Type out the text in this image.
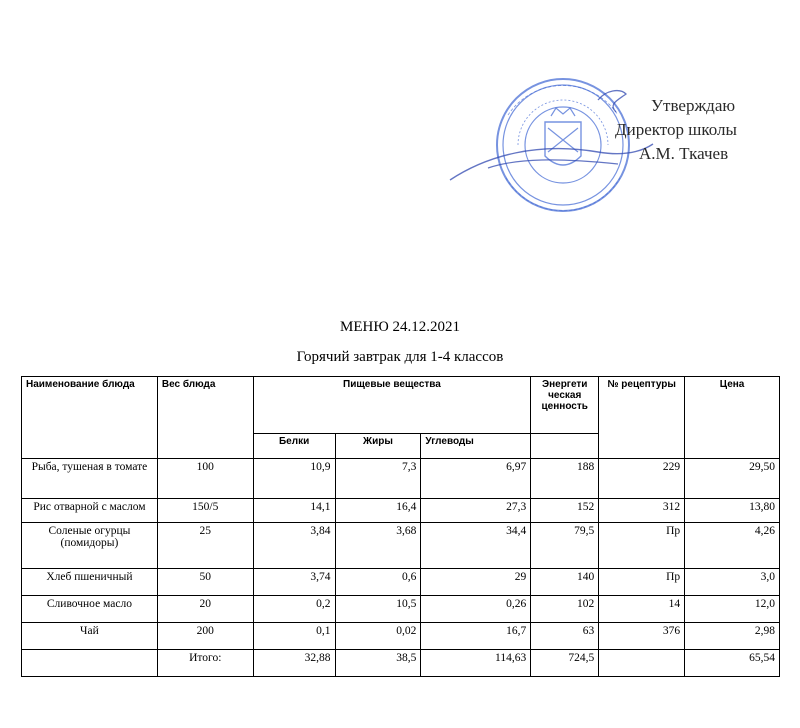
Утверждаю
Директор школы
А.М. Ткачев
МЕНЮ 24.12.2021
Горячий завтрак для 1-4 классов
Наименование блюда	Вес блюда	Пищевые вещества			Энергети ческая ценность	№ рецептуры	Цена
		Белки	Жиры	Углеводы			
Рыба, тушеная в томате	100	10,9	7,3	6,97	188	229	29,50
Рис отварной с маслом	150/5	14,1	16,4	27,3	152	312	13,80
Соленые огурцы (помидоры)	25	3,84	3,68	34,4	79,5	Пр	4,26
Хлеб пшеничный	50	3,74	0,6	29	140	Пр	3,0
Сливочное масло	20	0,2	10,5	0,26	102	14	12,0
Чай	200	0,1	0,02	16,7	63	376	2,98
	Итого:	32,88	38,5	114,63	724,5		65,54
